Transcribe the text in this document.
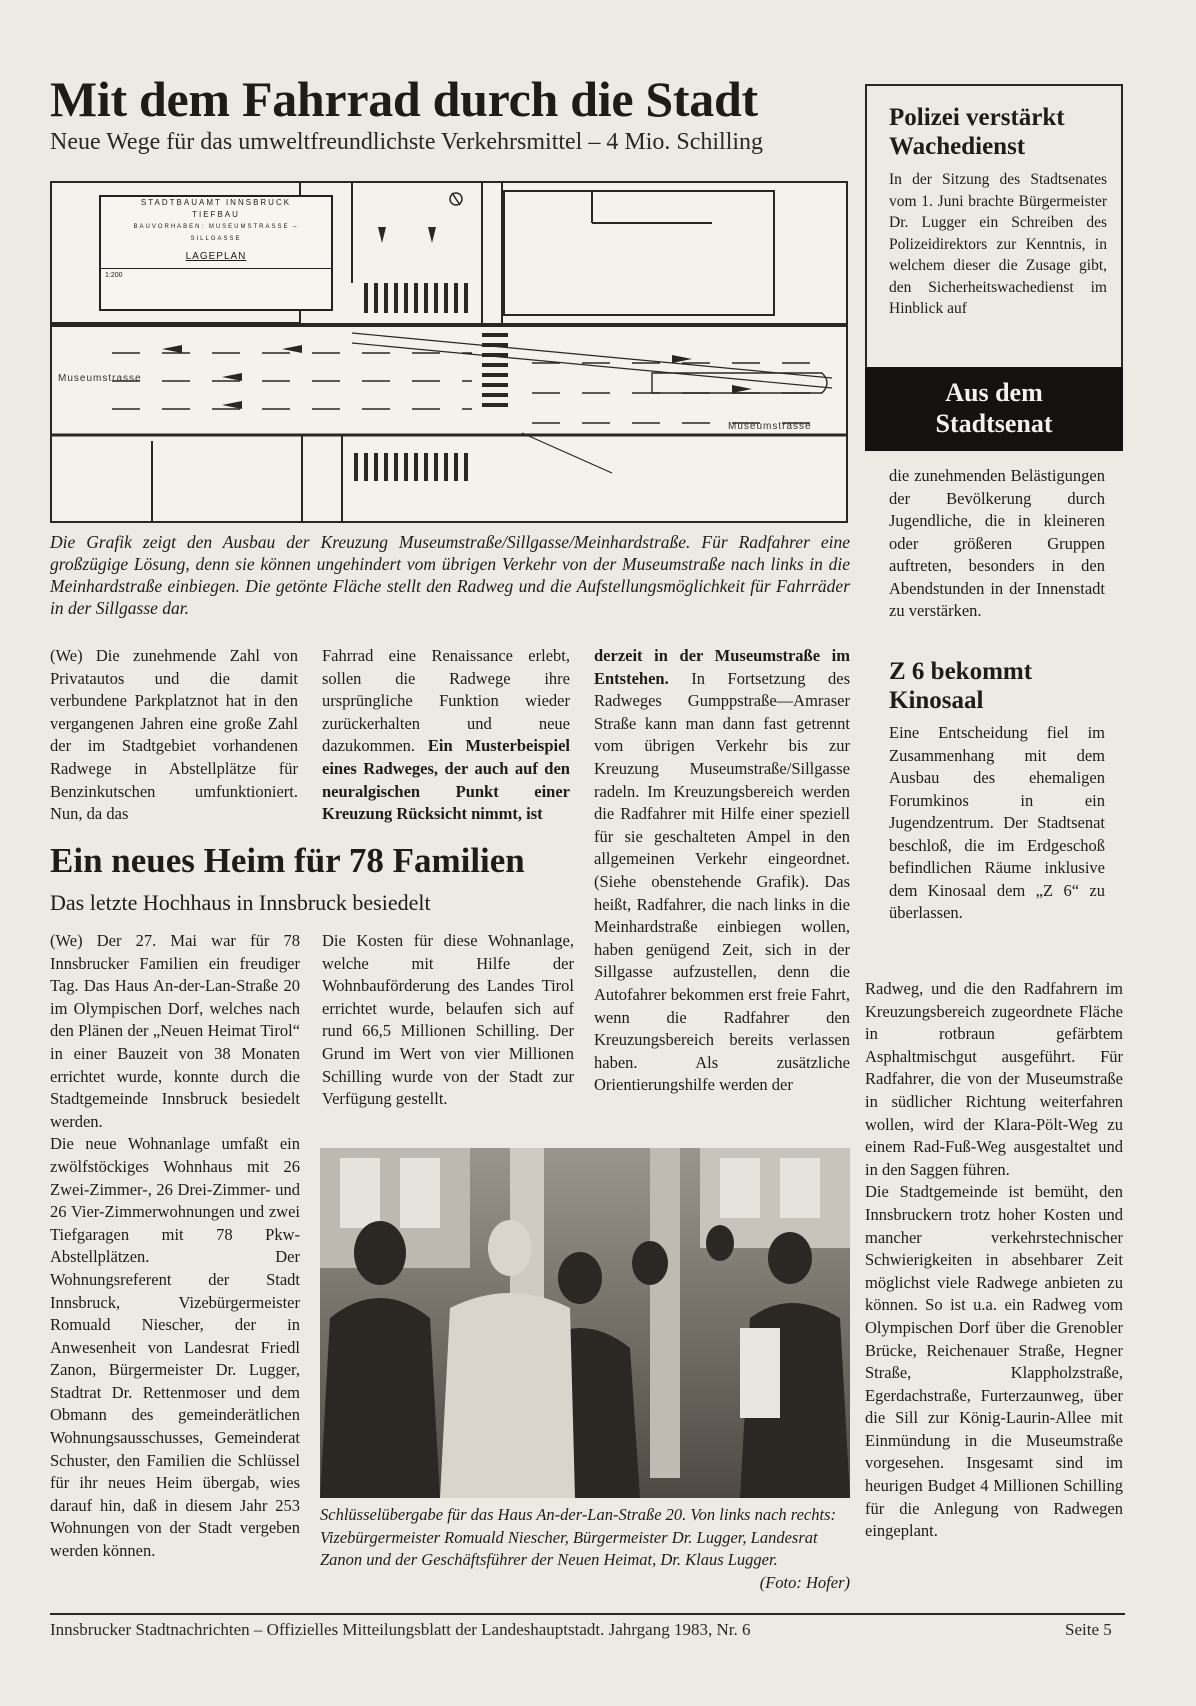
Mit dem Fahrrad durch die Stadt
Neue Wege für das umweltfreundlichste Verkehrsmittel – 4 Mio. Schilling
STADTBAUAMT INNSBRUCK
TIEFBAU
BAUVORHABEN: MUSEUMSTRASSE –
SILLGASSE
LAGEPLAN
1:200
Museumstrasse
Museumstrasse
Die Grafik zeigt den Ausbau der Kreuzung Museumstraße/Sillgasse/Meinhardstraße. Für Radfahrer eine großzügige Lösung, denn sie können ungehindert vom übrigen Verkehr von der Museumstraße nach links in die Meinhardstraße einbiegen. Die getönte Fläche stellt den Radweg und die Aufstellungsmöglichkeit für Fahrräder in der Sillgasse dar.

(We) Die zunehmende Zahl von Privatautos und die damit verbundene Parkplatznot hat in den vergangenen Jahren eine große Zahl der im Stadtgebiet vorhandenen Radwege in Abstellplätze für Benzinkutschen umfunktioniert. Nun, da das

Fahrrad eine Renaissance erlebt, sollen die Radwege ihre ursprüngliche Funktion wieder zurückerhalten und neue dazukommen. Ein Musterbeispiel eines Radweges, der auch auf den neuralgischen Punkt einer Kreuzung Rücksicht nimmt, ist

derzeit in der Museumstraße im Entstehen. In Fortsetzung des Radweges Gumppstraße—Amraser Straße kann man dann fast getrennt vom übrigen Verkehr bis zur Kreuzung Museumstraße/Sillgasse radeln. Im Kreuzungsbereich werden die Radfahrer mit Hilfe einer speziell für sie geschalteten Ampel in den allgemeinen Verkehr eingeordnet. (Siehe obenstehende Grafik). Das heißt, Radfahrer, die nach links in die Meinhardstraße einbiegen wollen, haben genügend Zeit, sich in der Sillgasse aufzustellen, denn die Autofahrer bekommen erst freie Fahrt, wenn die Radfahrer den Kreuzungsbereich bereits verlassen haben. Als zusätzliche Orientierungshilfe werden der

Radweg, und die den Radfahrern im Kreuzungsbereich zugeordnete Fläche in rotbraun gefärbtem Asphaltmischgut ausgeführt. Für Radfahrer, die von der Museumstraße in südlicher Richtung weiterfahren wollen, wird der Klara-Pölt-Weg zu einem Rad-Fuß-Weg ausgestaltet und in den Saggen führen.

Die Stadtgemeinde ist bemüht, den Innsbruckern trotz hoher Kosten und mancher verkehrstechnischer Schwierigkeiten in absehbarer Zeit möglichst viele Radwege anbieten zu können. So ist u.a. ein Radweg vom Olympischen Dorf über die Grenobler Brücke, Reichenauer Straße, Hegner Straße, Klappholzstraße, Egerdachstraße, Furterzaunweg, über die Sill zur König-Laurin-Allee mit Einmündung in die Museumstraße vorgesehen. Insgesamt sind im heurigen Budget 4 Millionen Schilling für die Anlegung von Radwegen eingeplant.

Ein neues Heim für 78 Familien
Das letzte Hochhaus in Innsbruck besiedelt

(We) Der 27. Mai war für 78 Innsbrucker Familien ein freudiger Tag. Das Haus An-der-Lan-Straße 20 im Olympischen Dorf, welches nach den Plänen der „Neuen Heimat Tirol“ in einer Bauzeit von 38 Monaten errichtet wurde, konnte durch die Stadtgemeinde Innsbruck besiedelt werden.

Die neue Wohnanlage umfaßt ein zwölfstöckiges Wohnhaus mit 26 Zwei-Zimmer-, 26 Drei-Zimmer- und 26 Vier-Zimmerwohnungen und zwei Tiefgaragen mit 78 Pkw-Abstellplätzen. Der Wohnungsreferent der Stadt Innsbruck, Vizebürgermeister Romuald Niescher, der in Anwesenheit von Landesrat Friedl Zanon, Bürgermeister Dr. Lugger, Stadtrat Dr. Rettenmoser und dem Obmann des gemeinderätlichen Wohnungsausschusses, Gemeinderat Schuster, den Familien die Schlüssel für ihr neues Heim übergab, wies darauf hin, daß in diesem Jahr 253 Wohnungen von der Stadt vergeben werden können.

Die Kosten für diese Wohnanlage, welche mit Hilfe der Wohnbauförderung des Landes Tirol errichtet wurde, belaufen sich auf rund 66,5 Millionen Schilling. Der Grund im Wert von vier Millionen Schilling wurde von der Stadt zur Verfügung gestellt.

Schlüsselübergabe für das Haus An-der-Lan-Straße 20. Von links nach rechts: Vizebürgermeister Romuald Niescher, Bürgermeister Dr. Lugger, Landesrat Zanon und der Geschäftsführer der Neuen Heimat, Dr. Klaus Lugger.
(Foto: Hofer)
Polizei verstärkt Wachedienst
In der Sitzung des Stadtsenates vom 1. Juni brachte Bürgermeister Dr. Lugger ein Schreiben des Polizeidirektors zur Kenntnis, in welchem dieser die Zusage gibt, den Sicherheitswachedienst im Hinblick auf
Aus dem
Stadtsenat
die zunehmenden Belästigungen der Bevölkerung durch Jugendliche, die in kleineren oder größeren Gruppen auftreten, besonders in den Abendstunden in der Innenstadt zu verstärken.
Z 6 bekommt Kinosaal
Eine Entscheidung fiel im Zusammenhang mit dem Ausbau des ehemaligen Forumkinos in ein Jugendzentrum. Der Stadtsenat beschloß, die im Erdgeschoß befindlichen Räume inklusive dem Kinosaal dem „Z 6“ zu überlassen.
Innsbrucker Stadtnachrichten – Offizielles Mitteilungsblatt der Landeshauptstadt. Jahrgang 1983, Nr. 6	Seite 5
